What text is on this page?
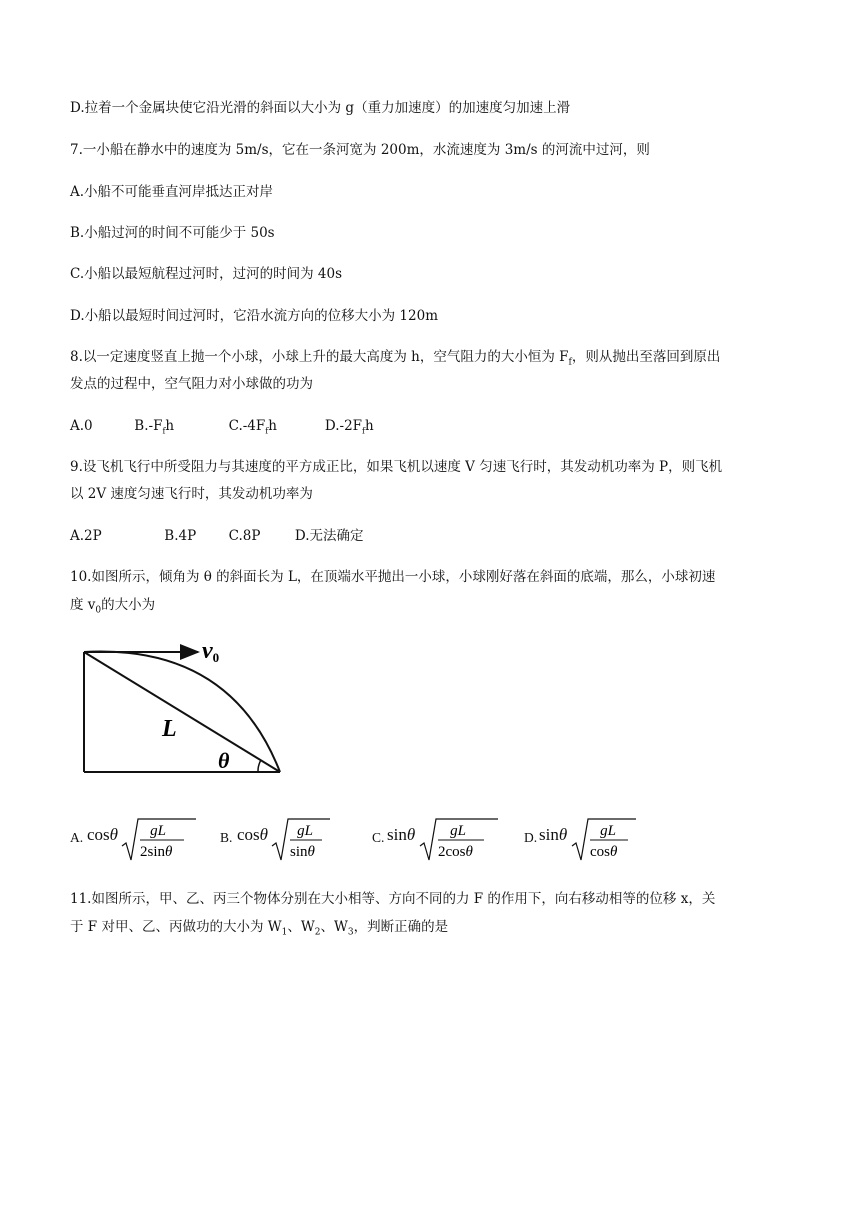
D.拉着一个金属块使它沿光滑的斜面以大小为 g（重力加速度）的加速度匀加速上滑
7.一小船在静水中的速度为 5m/s，它在一条河宽为 200m，水流速度为 3m/s 的河流中过河，则
A.小船不可能垂直河岸抵达正对岸
B.小船过河的时间不可能少于 50s
C.小船以最短航程过河时，过河的时间为 40s
D.小船以最短时间过河时，它沿水流方向的位移大小为 120m
8.以一定速度竖直上抛一个小球，小球上升的最大高度为 h，空气阻力的大小恒为 $F_f$，则从抛出至落回到原出
发点的过程中，空气阻力对小球做的功为
A.0	$B.-F_fh$	$C.-4F_fh$	$D.-2F_fh$
9.设飞机飞行中所受阻力与其速度的平方成正比，如果飞机以速度 V 匀速飞行时，其发动机功率为 P，则飞机
以 2V 速度匀速飞行时，其发动机功率为
A.2P	B.4P C.8P	D.无法确定
10.如图所示，倾角为 θ 的斜面长为 L，在顶端水平抛出一小球，小球刚好落在斜面的底端，那么，小球初速
度 $v_0$的大小为
v0
L
θ
A. cosθ gL
2sinθ
B. cosθ gL
sinθ
C. sinθ gL
2cosθ
D. sinθ gL
cosθ
11.如图所示，甲、乙、丙三个物体分别在大小相等、方向不同的力 F 的作用下，向右移动相等的位移 x，关
于 F 对甲、乙、丙做功的大小为 $W_1$、$W_2$、$W_3$，判断正确的是
